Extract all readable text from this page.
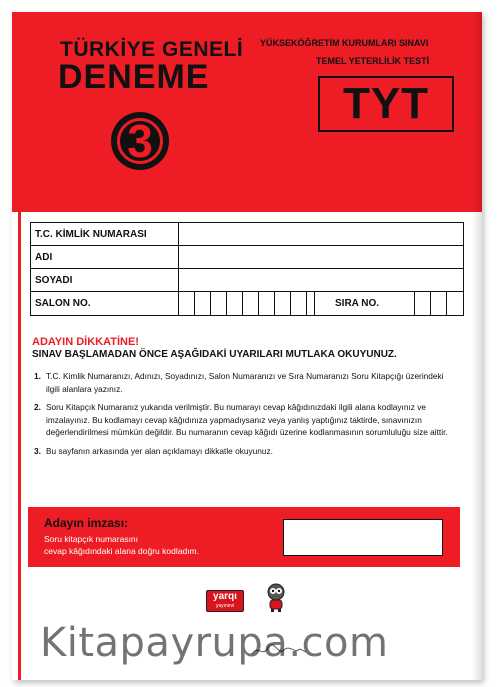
TÜRKİYE GENELİ
DENEME
3
YÜKSEKÖĞRETİM KURUMLARI SINAVI
TEMEL YETERLİLİK TESTİ
TYT
T.C. KİMLİK NUMARASI		
ADI		
SOYADI		
SALON NO.		SIRA NO.
ADAYIN DİKKATİNE!
SINAV BAŞLAMADAN ÖNCE AŞAĞIDAKİ UYARILARI MUTLAKA OKUYUNUZ.
1. T.C. Kimlik Numaranızı, Adınızı, Soyadınızı, Salon Numaranızı ve Sıra Numaranızı Soru Kitapçığı üzerindeki ilgili alanlara yazınız.
2. Soru Kitapçık Numaranız yukarıda verilmiştir. Bu numarayı cevap kâğıdınızdaki ilgili alana kodlayınız ve imzalayınız. Bu kodlamayı cevap kâğıdınıza yapmadıysanız veya yanlış yaptığınız taktirde, sınavınızın değerlendirilmesi mümkün değildir. Bu numaranın cevap kâğıdı üzerine kodlanmasının sorumluluğu size aittir.
3. Bu sayfanın arkasında yer alan açıklamayı dikkatle okuyunuz.
Adayın imzası:
Soru kitapçık numarasını
cevap kâğıdındaki alana doğru kodladım.
yarqı
yayınevi
Kitapayrupa.com
